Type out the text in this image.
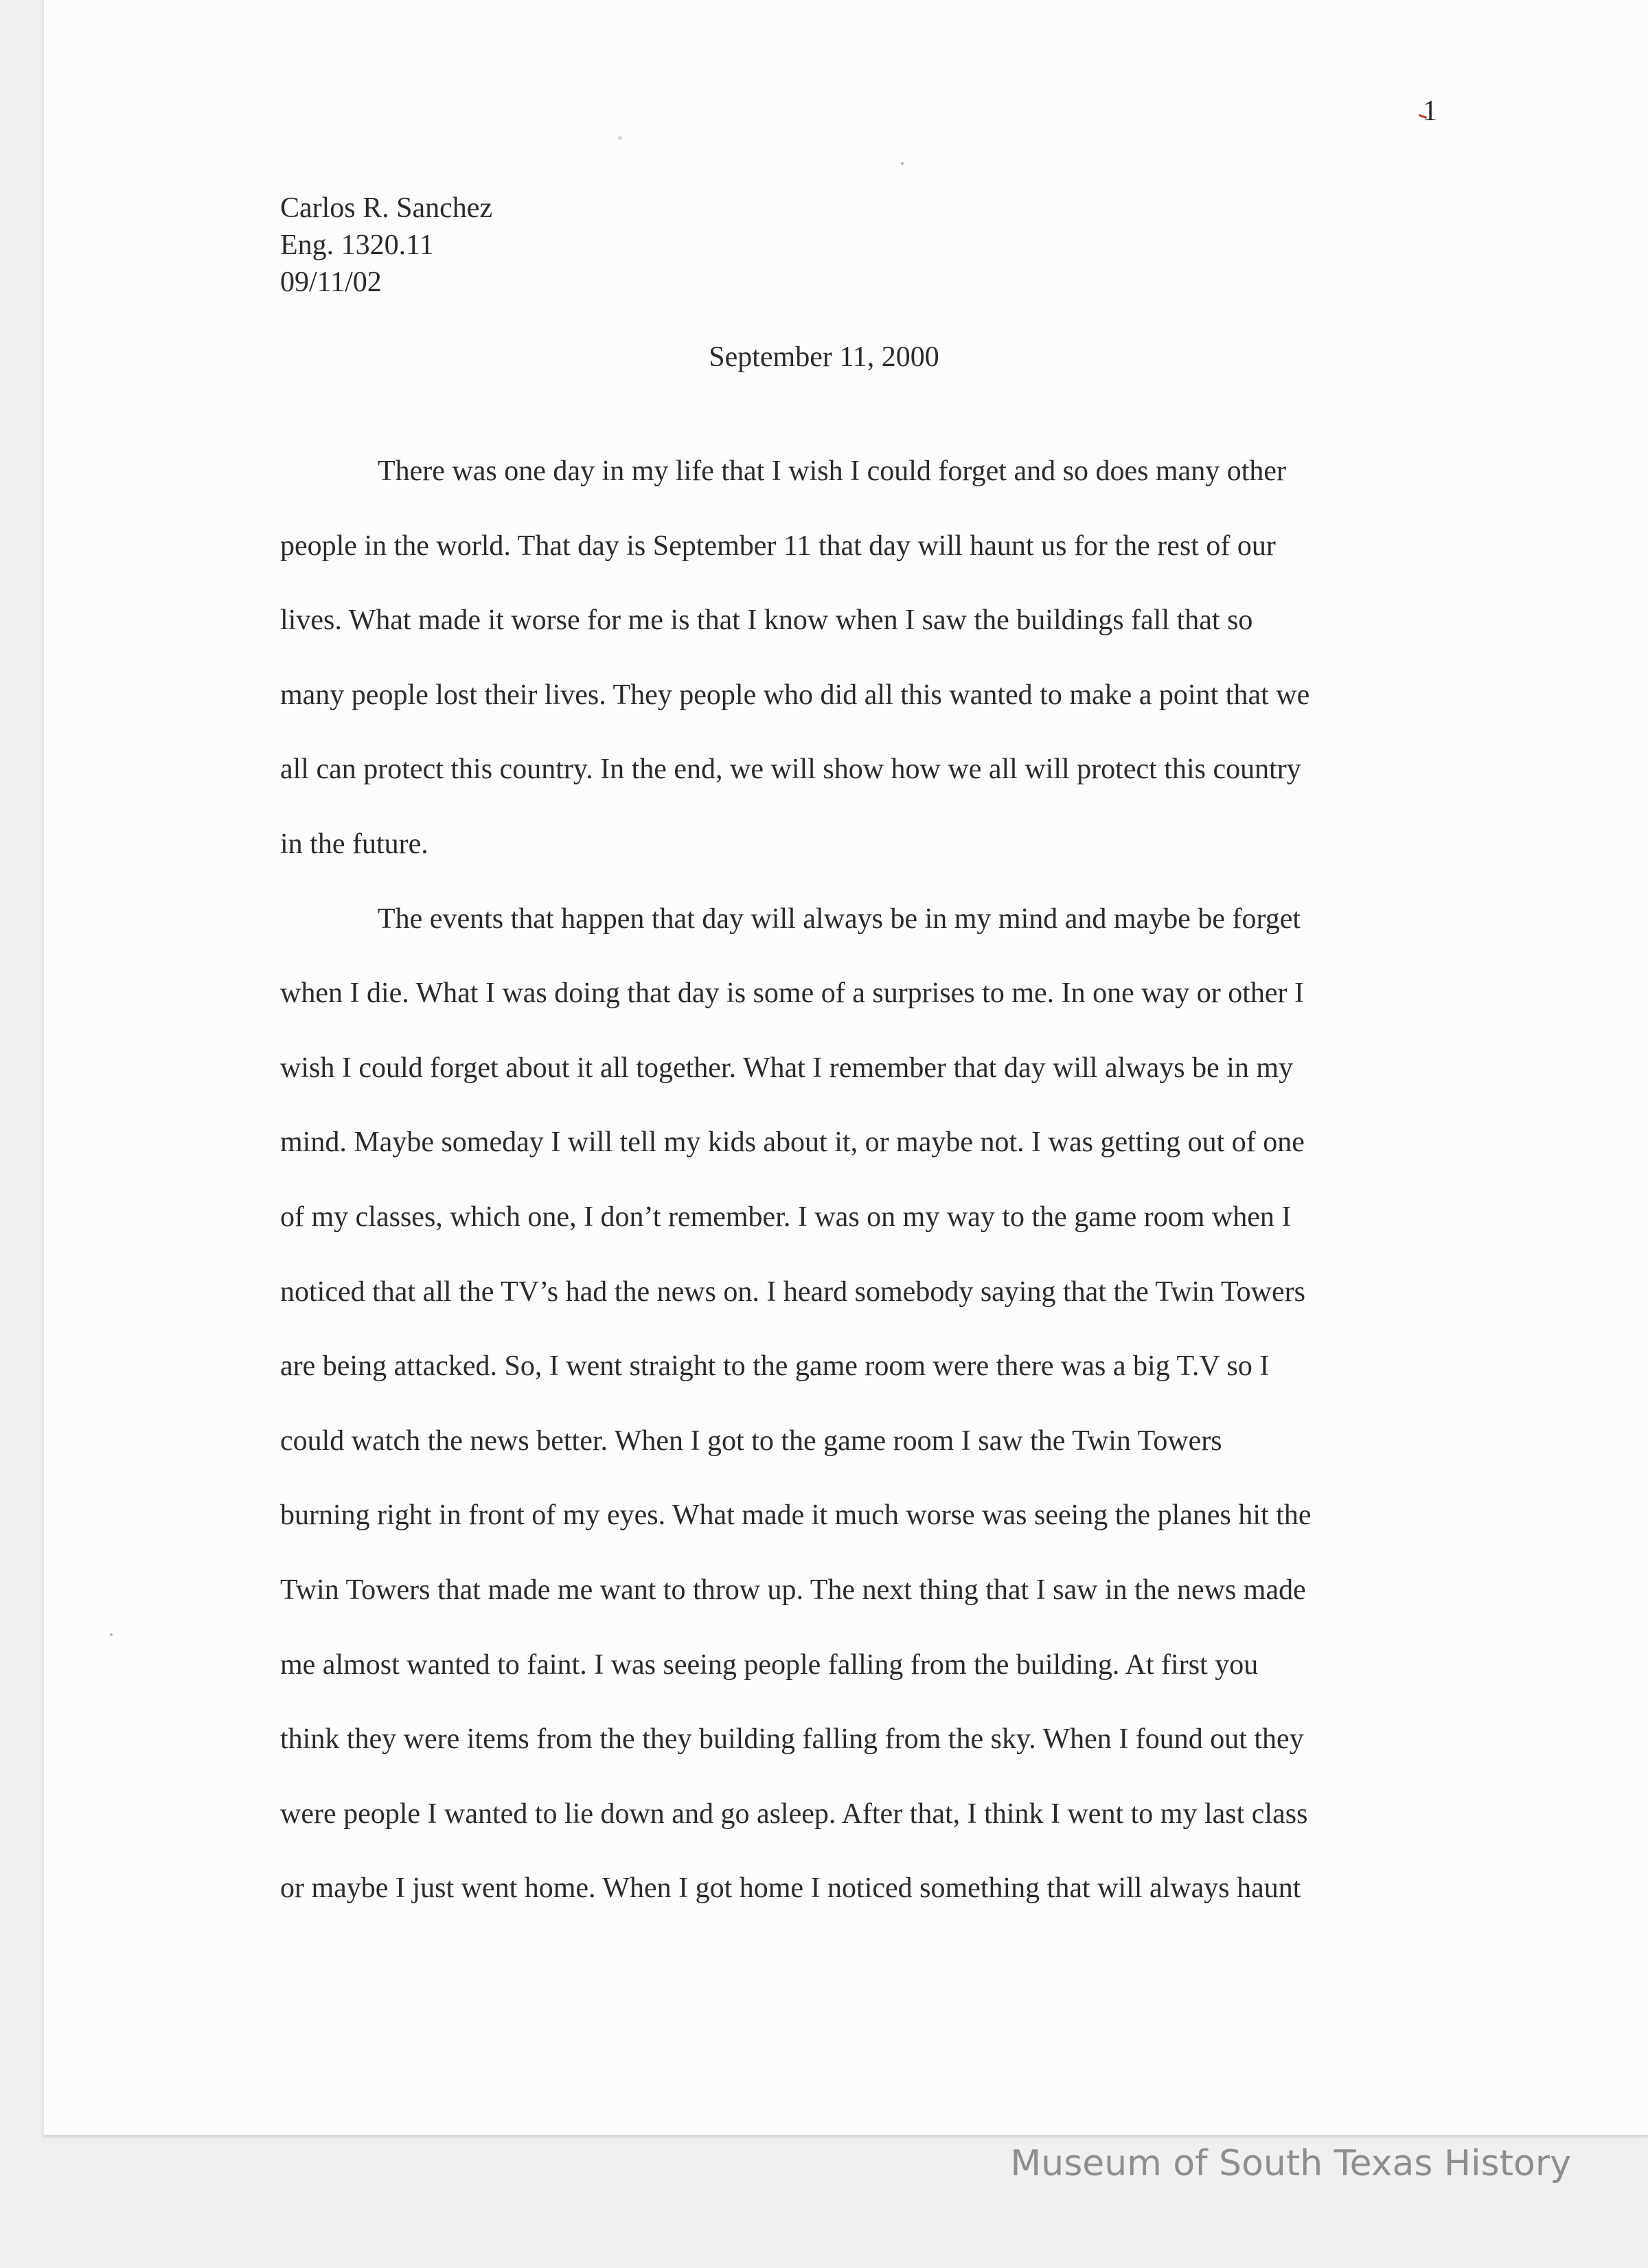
1
Carlos R. Sanchez
Eng. 1320.11
09/11/02
September 11, 2000
There was one day in my life that I wish I could forget and so does many other
people in the world. That day is September 11 that day will haunt us for the rest of our
lives. What made it worse for me is that I know when I saw the buildings fall that so
many people lost their lives. They people who did all this wanted to make a point that we
all can protect this country. In the end, we will show how we all will protect this country
in the future.
The events that happen that day will always be in my mind and maybe be forget
when I die. What I was doing that day is some of a surprises to me. In one way or other I
wish I could forget about it all together. What I remember that day will always be in my
mind. Maybe someday I will tell my kids about it, or maybe not. I was getting out of one
of my classes, which one, I don’t remember. I was on my way to the game room when I
noticed that all the TV’s had the news on. I heard somebody saying that the Twin Towers
are being attacked. So, I went straight to the game room were there was a big T.V so I
could watch the news better. When I got to the game room I saw the Twin Towers
burning right in front of my eyes. What made it much worse was seeing the planes hit the
Twin Towers that made me want to throw up. The next thing that I saw in the news made
me almost wanted to faint. I was seeing people falling from the building. At first you
think they were items from the they building falling from the sky. When I found out they
were people I wanted to lie down and go asleep. After that, I think I went to my last class
or maybe I just went home. When I got home I noticed something that will always haunt
Museum of South Texas History
